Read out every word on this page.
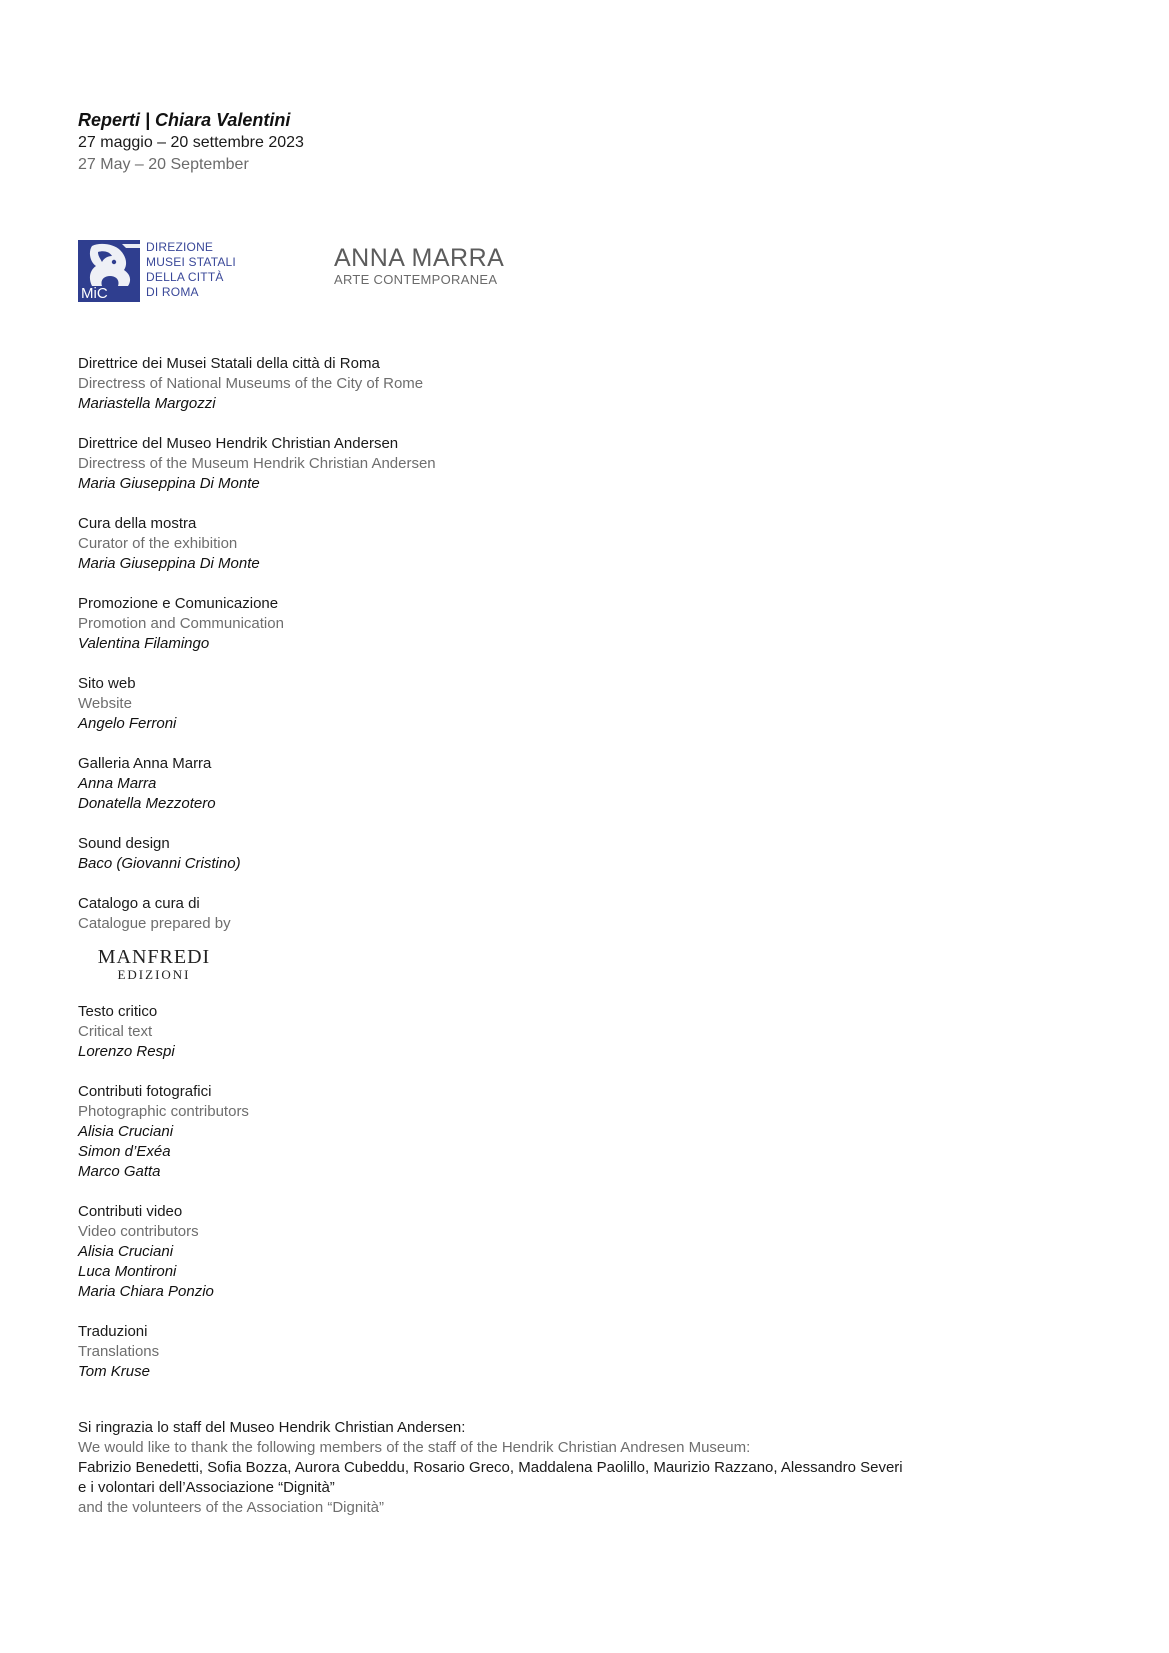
Reperti | Chiara Valentini
27 maggio – 20 settembre 2023
27 May – 20 September
MiC
DIREZIONE
MUSEI STATALI
DELLA CITTÀ
DI ROMA
ANNA MARRA
ARTE CONTEMPORANEA
Direttrice dei Musei Statali della città di Roma
Directress of National Museums of the City of Rome
Mariastella Margozzi
Direttrice del Museo Hendrik Christian Andersen
Directress of the Museum Hendrik Christian Andersen
Maria Giuseppina Di Monte
Cura della mostra
Curator of the exhibition
Maria Giuseppina Di Monte
Promozione e Comunicazione
Promotion and Communication
Valentina Filamingo
Sito web
Website
Angelo Ferroni
Galleria Anna Marra
Anna Marra
Donatella Mezzotero
Sound design
Baco (Giovanni Cristino)
Catalogo a cura di
Catalogue prepared by
MANFREDI
EDIZIONI
Testo critico
Critical text
Lorenzo Respi
Contributi fotografici
Photographic contributors
Alisia Cruciani
Simon d’Exéa
Marco Gatta
Contributi video
Video contributors
Alisia Cruciani
Luca Montironi
Maria Chiara Ponzio
Traduzioni
Translations
Tom Kruse
Si ringrazia lo staff del Museo Hendrik Christian Andersen:
We would like to thank the following members of the staff of the Hendrik Christian Andresen Museum:
Fabrizio Benedetti, Sofia Bozza, Aurora Cubeddu, Rosario Greco, Maddalena Paolillo, Maurizio Razzano, Alessandro Severi
e i volontari dell’Associazione “Dignità”
and the volunteers of the Association “Dignità”
